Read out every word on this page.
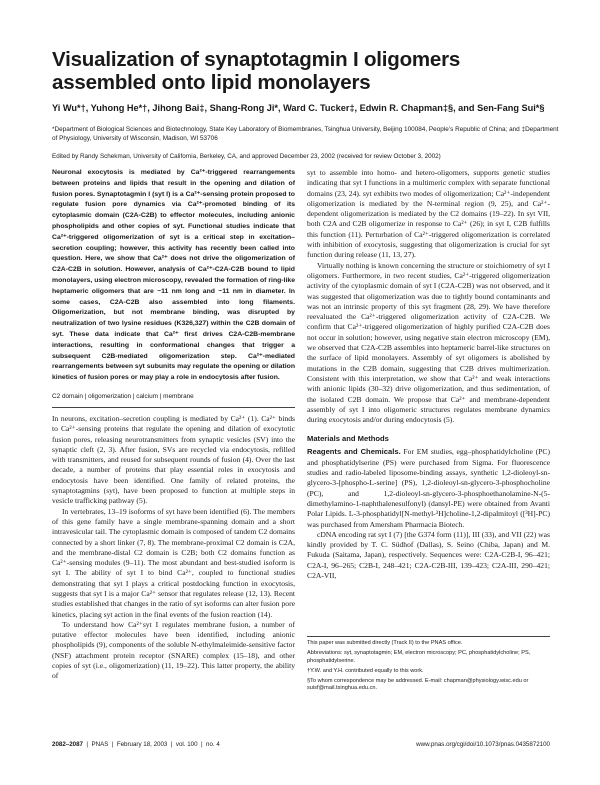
Visualization of synaptotagmin I oligomers assembled onto lipid monolayers
Yi Wu*†, Yuhong He*†, Jihong Bai‡, Shang-Rong Ji*, Ward C. Tucker‡, Edwin R. Chapman‡§, and Sen-Fang Sui*§
*Department of Biological Sciences and Biotechnology, State Key Laboratory of Biomembranes, Tsinghua University, Beijing 100084, People’s Republic of China; and ‡Department of Physiology, University of Wisconsin, Madison, WI 53706
Edited by Randy Schekman, University of California, Berkeley, CA, and approved December 23, 2002 (received for review October 3, 2002)

Neuronal exocytosis is mediated by Ca²⁺-triggered rearrangements between proteins and lipids that result in the opening and dilation of fusion pores. Synaptotagmin I (syt I) is a Ca²⁺-sensing protein proposed to regulate fusion pore dynamics via Ca²⁺-promoted binding of its cytoplasmic domain (C2A-C2B) to effector molecules, including anionic phospholipids and other copies of syt. Functional studies indicate that Ca²⁺-triggered oligomerization of syt is a critical step in excitation–secretion coupling; however, this activity has recently been called into question. Here, we show that Ca²⁺ does not drive the oligomerization of C2A-C2B in solution. However, analysis of Ca²⁺-C2A-C2B bound to lipid monolayers, using electron microscopy, revealed the formation of ring-like heptameric oligomers that are ~11 nm long and ~11 nm in diameter. In some cases, C2A-C2B also assembled into long filaments. Oligomerization, but not membrane binding, was disrupted by neutralization of two lysine residues (K326,327) within the C2B domain of syt. These data indicate that Ca²⁺ first drives C2A-C2B-membrane interactions, resulting in conformational changes that trigger a subsequent C2B-mediated oligomerization step. Ca²⁺-mediated rearrangements between syt subunits may regulate the opening or dilation kinetics of fusion pores or may play a role in endocytosis after fusion.

C2 domain | oligomerization | calcium | membrane

In neurons, excitation–secretion coupling is mediated by Ca²⁺ (1). Ca²⁺ binds to Ca²⁺-sensing proteins that regulate the opening and dilation of exocytotic fusion pores, releasing neurotransmitters from synaptic vesicles (SV) into the synaptic cleft (2, 3). After fusion, SVs are recycled via endocytosis, refilled with transmitters, and reused for subsequent rounds of fusion (4). Over the last decade, a number of proteins that play essential roles in exocytosis and endocytosis have been identified. One family of related proteins, the synaptotagmins (syt), have been proposed to function at multiple steps in vesicle trafficking pathway (5).

In vertebrates, 13–19 isoforms of syt have been identified (6). The members of this gene family have a single membrane-spanning domain and a short intravesicular tail. The cytoplasmic domain is composed of tandem C2 domains connected by a short linker (7, 8). The membrane-proximal C2 domain is C2A, and the membrane-distal C2 domain is C2B; both C2 domains function as Ca²⁺-sensing modules (9–11). The most abundant and best-studied isoform is syt I. The ability of syt I to bind Ca²⁺, coupled to functional studies demonstrating that syt I plays a critical postdocking function in exocytosis, suggests that syt I is a major Ca²⁺ sensor that regulates release (12, 13). Recent studies established that changes in the ratio of syt isoforms can alter fusion pore kinetics, placing syt action in the final events of the fusion reaction (14).

To understand how Ca²⁺syt I regulates membrane fusion, a number of putative effector molecules have been identified, including anionic phospholipids (9), components of the soluble N-ethylmaleimide-sensitive factor (NSF) attachment protein receptor (SNARE) complex (15–18), and other copies of syt (i.e., oligomerization) (11, 19–22). This latter property, the ability of

syt to assemble into homo- and hetero-oligomers, supports genetic studies indicating that syt I functions in a multimeric complex with separate functional domains (23, 24). syt exhibits two modes of oligomerization; Ca²⁺-independent oligomerization is mediated by the N-terminal region (9, 25), and Ca²⁺-dependent oligomerization is mediated by the C2 domains (19–22). In syt VII, both C2A and C2B oligomerize in response to Ca²⁺ (26); in syt I, C2B fulfills this function (11). Perturbation of Ca²⁺-triggered oligomerization is correlated with inhibition of exocytosis, suggesting that oligomerization is crucial for syt function during release (11, 13, 27).

Virtually nothing is known concerning the structure or stoichiometry of syt I oligomers. Furthermore, in two recent studies, Ca²⁺-triggered oligomerization activity of the cytoplasmic domain of syt I (C2A-C2B) was not observed, and it was suggested that oligomerization was due to tightly bound contaminants and was not an intrinsic property of this syt fragment (28, 29). We have therefore reevaluated the Ca²⁺-triggered oligomerization activity of C2A-C2B. We confirm that Ca²⁺-triggered oligomerization of highly purified C2A-C2B does not occur in solution; however, using negative stain electron microscopy (EM), we observed that C2A-C2B assembles into heptameric barrel-like structures on the surface of lipid monolayers. Assembly of syt oligomers is abolished by mutations in the C2B domain, suggesting that C2B drives multimerization. Consistent with this interpretation, we show that Ca²⁺ and weak interactions with anionic lipids (30–32) drive oligomerization, and thus sedimentation, of the isolated C2B domain. We propose that Ca²⁺ and membrane-dependent assembly of syt I into oligomeric structures regulates membrane dynamics during exocytosis and/or during endocytosis (5).

Materials and Methods

Reagents and Chemicals. For EM studies, egg–phosphatidylcholine (PC) and phosphatidylserine (PS) were purchased from Sigma. For fluorescence studies and radio-labeled liposome-binding assays, synthetic 1,2-dioleoyl-sn-glycero-3-[phospho-L-serine] (PS), 1,2-dioleoyl-sn-glycero-3-phosphocholine (PC), and 1,2-dioleoyl-sn-glycero-3-phosphoethanolamine-N-(5-dimethylamino-1-naphthalenesulfonyl) (dansyl-PE) were obtained from Avanti Polar Lipids. L-3-phosphatidyl[N-methyl-³H]choline-1,2-dipalmitoyl ([³H]-PC) was purchased from Amersham Pharmacia Biotech.

cDNA encoding rat syt I (7) [the G374 form (11)], III (33), and VII (22) was kindly provided by T. C. Südhof (Dallas), S. Seino (Chiba, Japan) and M. Fukuda (Saitama, Japan), respectively. Sequences were: C2A-C2B-I, 96–421; C2A-I, 96–265; C2B-I, 248–421; C2A-C2B-III, 139–423; C2A-III, 290–421; C2A-VII,

This paper was submitted directly (Track II) to the PNAS office.

Abbreviations: syt, synaptotagmin; EM, electron microscopy; PC, phosphatidylcholine; PS, phosphatidylserine.

†Y.W. and Y.H. contributed equally to this work.

§To whom correspondence may be addressed. E-mail: chapman@physiology.wisc.edu or suisf@mail.tsinghua.edu.cn.

2082–2087  |  PNAS  |  February 18, 2003  |  vol. 100  |  no. 4	www.pnas.org/cgi/doi/10.1073/pnas.0435872100
